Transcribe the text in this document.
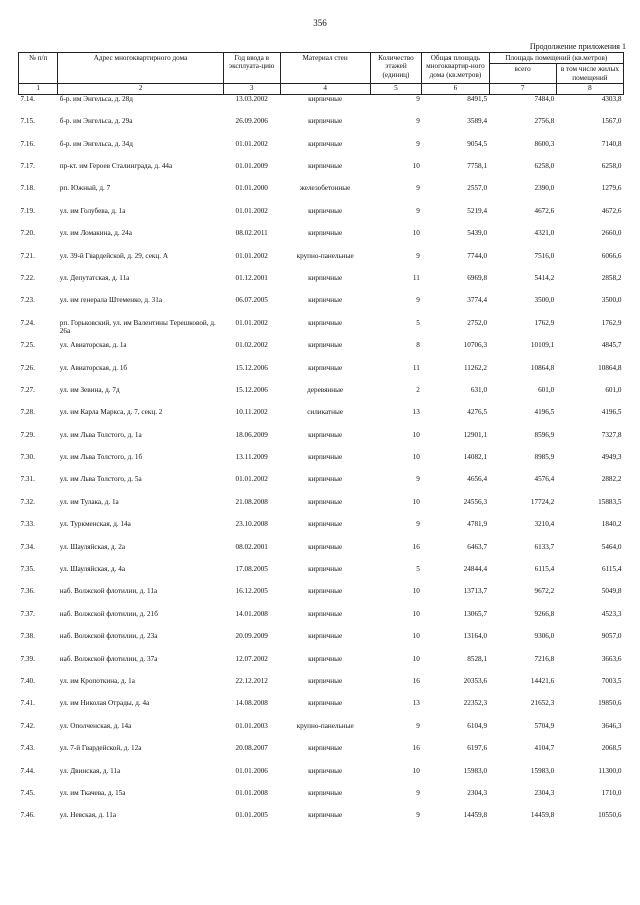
356
Продолжение приложения 1
№ п/п	Адрес многоквартирного дома	Год ввода в эксплуата-цию	Материал стен	Количество этажей (единиц)	Общая площадь многоквартир-ного дома (кв.метров)	Площадь помещений (кв.метров)	
						всего	в том числе жилых помещений
1	2	3	4	5	6	7	8
7.14.	б-р. им Энгельса, д. 28д	13.03.2002	кирпичные	9	8491,5	7484,0	4303,8
7.15.	б-р. им Энгельса, д. 29а	26.09.2006	кирпичные	9	3589,4	2756,8	1567,0
7.16.	б-р. им Энгельса, д. 34д	01.01.2002	кирпичные	9	9054,5	8600,3	7140,8
7.17.	пр-кт. им Героев Сталинграда, д. 44а	01.01.2009	кирпичные	10	7758,1	6258,0	6258,0
7.18.	рп. Южный, д. 7	01.01.2000	железобетонные	9	2557,0	2390,0	1279,6
7.19.	ул. им Голубева, д. 1а	01.01.2002	кирпичные	9	5219,4	4672,6	4672,6
7.20.	ул. им Ломакина, д. 24а	08.02.2011	кирпичные	10	5439,0	4321,0	2660,0
7.21.	ул. 39-й Гвардейской, д. 29, секц. А	01.01.2002	крупно-панельные	9	7744,0	7516,0	6066,6
7.22.	ул. Депутатская, д. 11а	01.12.2001	кирпичные	11	6969,8	5414,2	2858,2
7.23.	ул. им генерала Штеменко, д. 31а	06.07.2005	кирпичные	9	3774,4	3500,0	3500,0
7.24.	рп. Горьковский, ул. им Валентины Терешковой, д. 26а	01.01.2002	кирпичные	5	2752,0	1762,9	1762,9
7.25.	ул. Авиаторская, д. 1а	01.02.2002	кирпичные	8	10706,3	10109,1	4845,7
7.26.	ул. Авиаторская, д. 1б	15.12.2006	кирпичные	11	11262,2	10864,8	10864,8
7.27.	ул. им Зевина, д. 7д	15.12.2006	деревянные	2	631,0	601,0	601,0
7.28.	ул. им Карла Маркса, д. 7, секц. 2	10.11.2002	силикатные	13	4276,5	4196,5	4196,5
7.29.	ул. им Льва Толстого, д. 1а	18.06.2009	кирпичные	10	12901,1	8596,9	7327,8
7.30.	ул. им Льва Толстого, д. 1б	13.11.2009	кирпичные	10	14082,1	8985,9	4949,3
7.31.	ул. им Льва Толстого, д. 5а	01.01.2002	кирпичные	9	4656,4	4576,4	2882,2
7.32.	ул. им Тулака, д. 1а	21.08.2008	кирпичные	10	24556,3	17724,2	15883,5
7.33.	ул. Туркменская, д. 14а	23.10.2008	кирпичные	9	4781,9	3210,4	1840,2
7.34.	ул. Шауляйская, д. 2а	08.02.2001	кирпичные	16	6463,7	6133,7	5464,0
7.35.	ул. Шауляйская, д. 4а	17.08.2005	кирпичные	5	24844,4	6115,4	6115,4
7.36.	наб. Волжской флотилии, д. 11а	16.12.2005	кирпичные	10	13713,7	9672,2	5049,8
7.37.	наб. Волжской флотилии, д. 21б	14.01.2008	кирпичные	10	13065,7	9266,8	4523,3
7.38.	наб. Волжской флотилии, д. 23а	20.09.2009	кирпичные	10	13164,0	9306,0	9057,0
7.39.	наб. Волжской флотилии, д. 37а	12.07.2002	кирпичные	10	8528,1	7216,8	3663,6
7.40.	ул. им Кропоткина, д. 1а	22.12.2012	кирпичные	16	20353,6	14421,6	7003,5
7.41.	ул. им Николая Отрады, д. 4а	14.08.2008	кирпичные	13	22352,3	21652,3	19850,6
7.42.	ул. Ополченская, д. 14а	01.01.2003	крупно-панельные	9	6104,9	5704,9	3646,3
7.43.	ул. 7-й Гвардейской, д. 12а	20.08.2007	кирпичные	16	6197,6	4104,7	2068,5
7.44.	ул. Двинская, д. 11а	01.01.2006	кирпичные	10	15983,0	15983,0	11300,0
7.45.	ул. им Ткачева, д. 15а	01.01.2008	кирпичные	9	2304,3	2304,3	1710,0
7.46.	ул. Невская, д. 11а	01.01.2005	кирпичные	9	14459,8	14459,8	10550,6
